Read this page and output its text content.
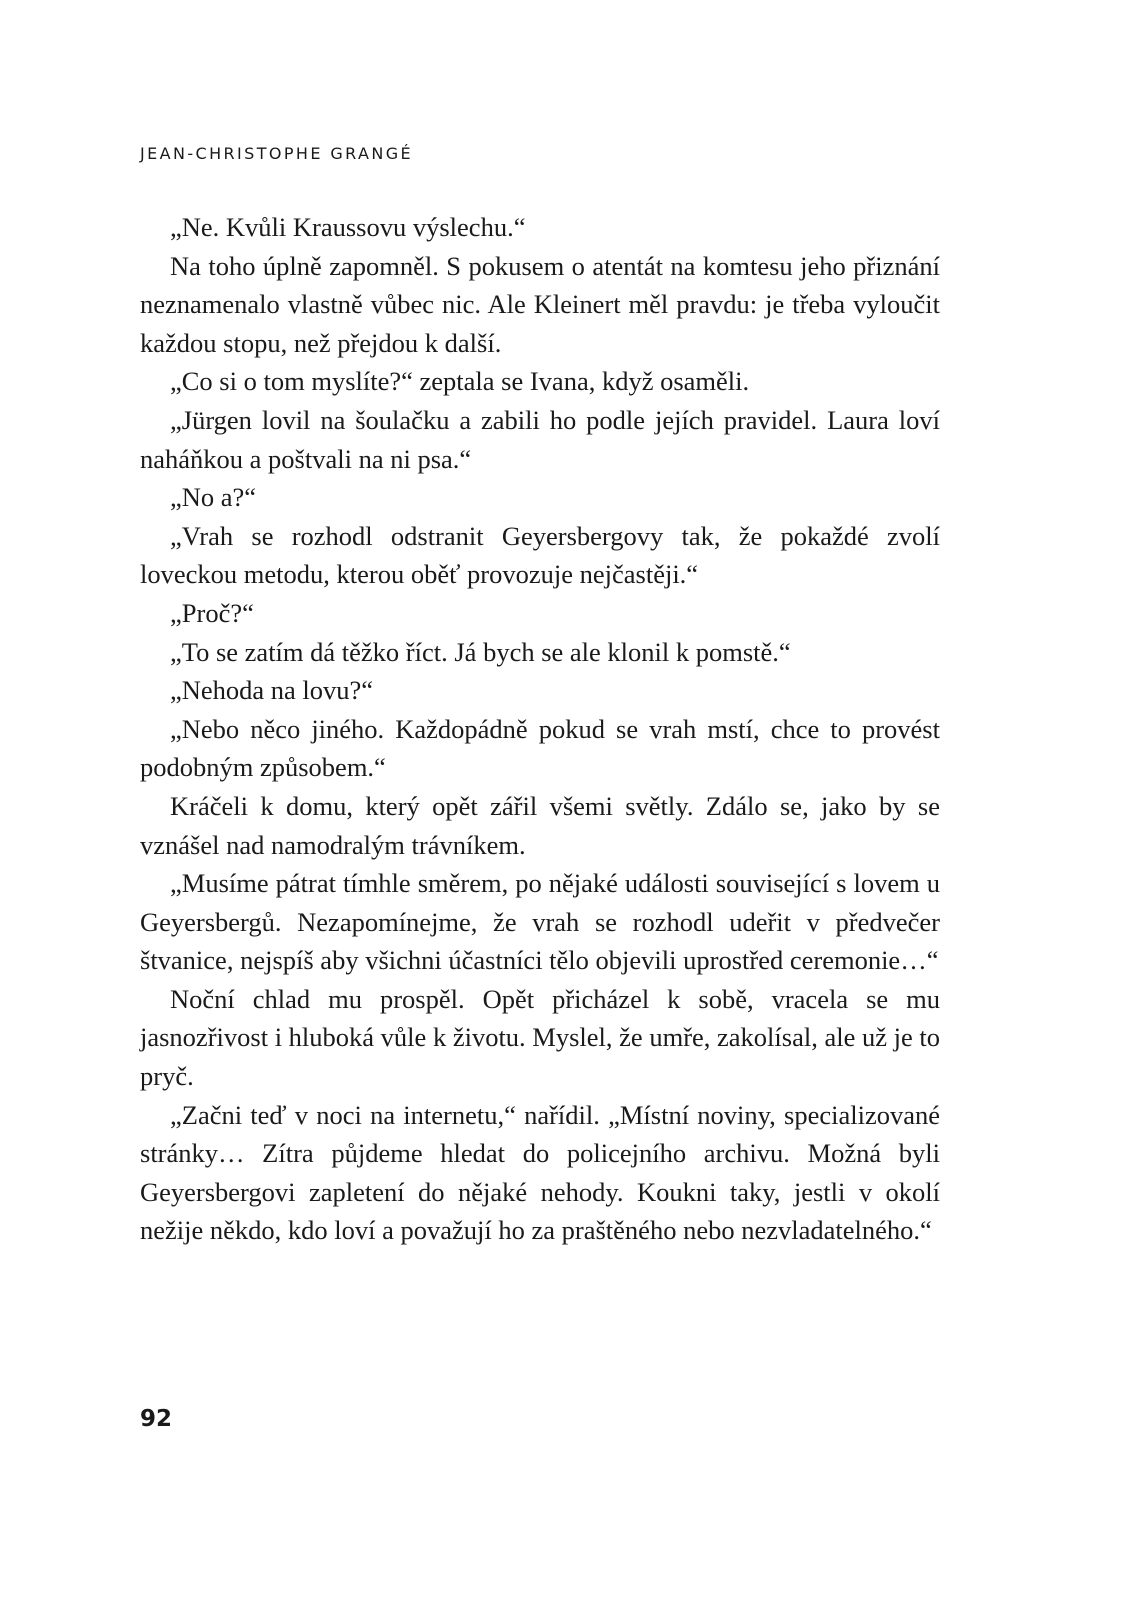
JEAN-CHRISTOPHE GRANGÉ

„Ne. Kvůli Kraussovu výslechu.“

Na toho úplně zapomněl. S pokusem o atentát na komtesu jeho přiznání neznamenalo vlastně vůbec nic. Ale Kleinert měl pravdu: je třeba vyloučit každou stopu, než přejdou k další.

„Co si o tom myslíte?“ zeptala se Ivana, když osaměli.

„Jürgen lovil na šoulačku a zabili ho podle jejích pravidel. Laura loví naháňkou a poštvali na ni psa.“

„No a?“

„Vrah se rozhodl odstranit Geyersbergovy tak, že pokaždé zvolí loveckou metodu, kterou oběť provozuje nejčastěji.“

„Proč?“

„To se zatím dá těžko říct. Já bych se ale klonil k pomstě.“

„Nehoda na lovu?“

„Nebo něco jiného. Každopádně pokud se vrah mstí, chce to provést podobným způsobem.“

Kráčeli k domu, který opět zářil všemi světly. Zdálo se, jako by se vznášel nad namodralým trávníkem.

„Musíme pátrat tímhle směrem, po nějaké události související s lovem u Geyersbergů. Nezapomínejme, že vrah se rozhodl udeřit v předvečer štvanice, nejspíš aby všichni účastníci tělo objevili uprostřed ceremonie…“

Noční chlad mu prospěl. Opět přicházel k sobě, vracela se mu jasnozřivost i hluboká vůle k životu. Myslel, že umře, zakolísal, ale už je to pryč.

„Začni teď v noci na internetu,“ nařídil. „Místní noviny, specializované stránky… Zítra půjdeme hledat do policejního archivu. Možná byli Geyersbergovi zapletení do nějaké nehody. Koukni taky, jestli v okolí nežije někdo, kdo loví a považují ho za praštěného nebo nezvladatelného.“

92
